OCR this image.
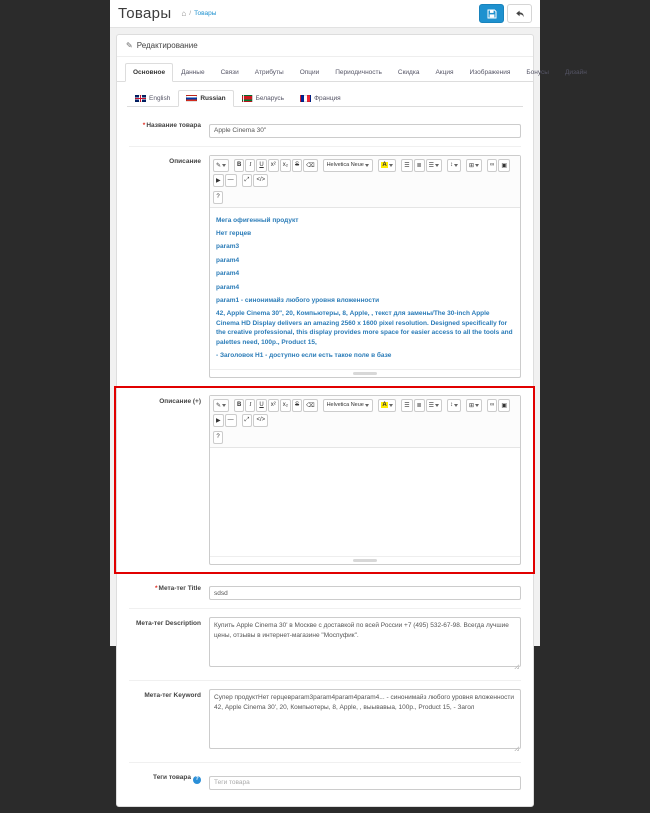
Товары ⌂ / Товары
✎ Редактирование
Основное	Данные	Связи	Атрибуты	Опции	Периодичность	Скидка	Акция	Изображения	Бонусы	Дизайн
English	Russian	Беларусь	Франция
*Название товара
Apple Cinema 30"
Описание
✎	B I U x² x₂ S ⌫ Helvetica Neue	A	☰ ≣ ☰	↕	⊞	∞ ▣
▶ — ⤢ </>
?
Мега офигенный продукт
Нет герцев
param3
param4
param4
param4
param1 - синонимайз любого уровня вложенности
42, Apple Cinema 30", 20, Компьютеры, 8, Apple, , текст для замены/The 30-inch Apple Cinema HD Display delivers an amazing 2560 x 1600 pixel resolution. Designed specifically for the creative professional, this display provides more space for easier access to all the tools and palettes need, 100p., Product 15,
- Заголовок H1 - доступно если есть такое поле в базе
Описание (+)
✎	B I U x² x₂ S ⌫ Helvetica Neue	A	☰ ≣ ☰	↕	⊞	∞ ▣
▶ — ⤢ </>
?
*Мета-тег Title
sdsd
Мета-тег Description
Купить Apple Cinema 30' в Москве с доставкой по всей России +7 (495) 532-67-98. Всегда лучшие цены, отзывы в интернет-магазине "Моспуфик".
Мета-тег Keyword
Супер продуктНет герцевparam3param4param4param4... - синонимайз любого уровня вложенности 42, Apple Cinema 30', 20, Компьютеры, 8, Apple, , выывавыа, 100р., Product 15, - Загол
Теги товара ?
Теги товара
